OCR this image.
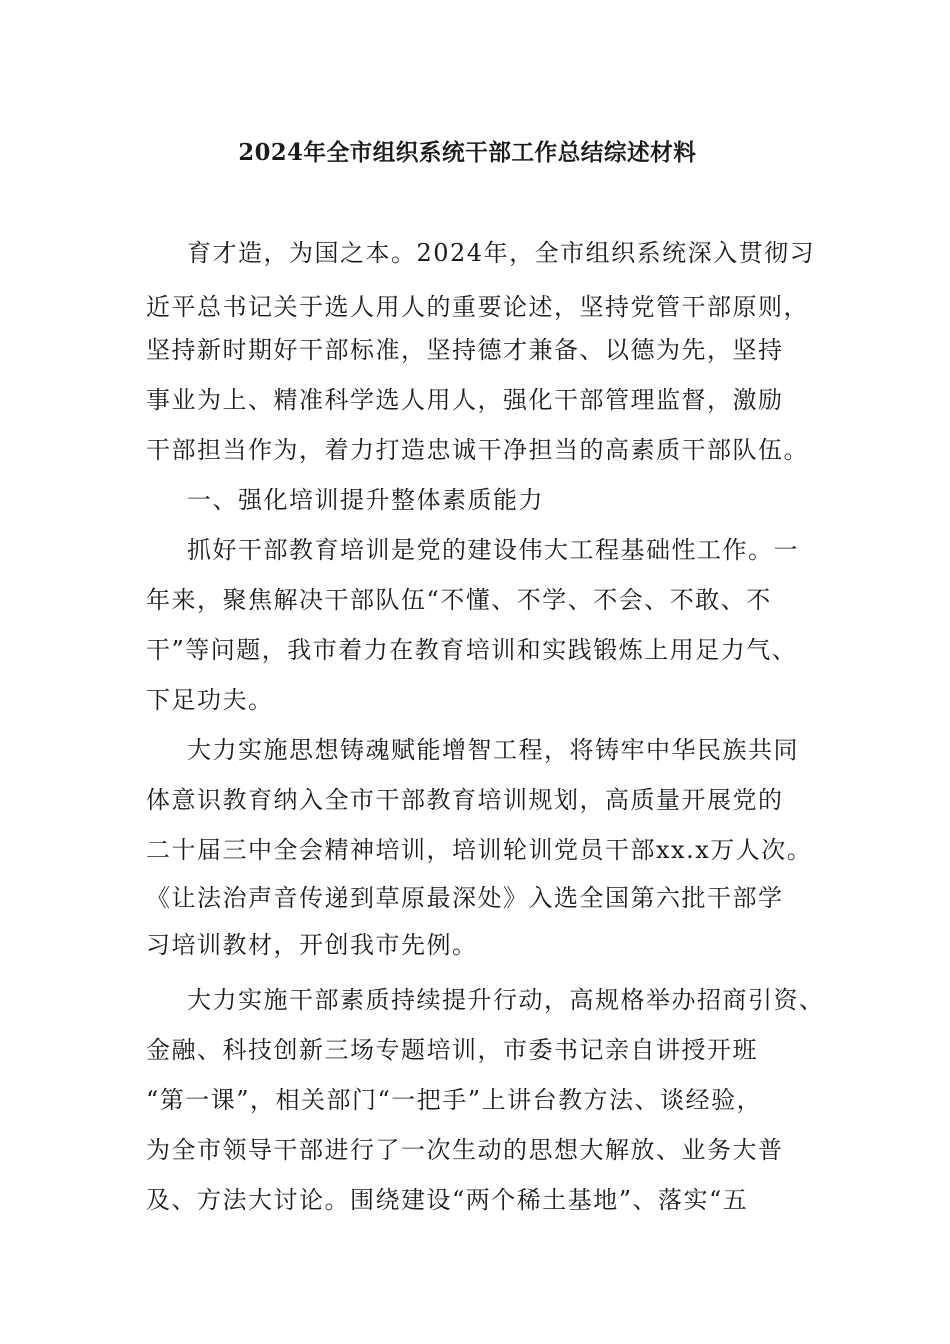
2024年全市组织系统干部工作总结综述材料
育才造，为国之本。2024年，全市组织系统深入贯彻习
近平总书记关于选人用人的重要论述，坚持党管干部原则，
坚持新时期好干部标准，坚持德才兼备、以德为先，坚持
事业为上、精准科学选人用人，强化干部管理监督，激励
干部担当作为，着力打造忠诚干净担当的高素质干部队伍。
一、强化培训提升整体素质能力
抓好干部教育培训是党的建设伟大工程基础性工作。一
年来，聚焦解决干部队伍“不懂、不学、不会、不敢、不
干”等问题，我市着力在教育培训和实践锻炼上用足力气、
下足功夫。
大力实施思想铸魂赋能增智工程，将铸牢中华民族共同
体意识教育纳入全市干部教育培训规划，高质量开展党的
二十届三中全会精神培训，培训轮训党员干部xx.x万人次。
《让法治声音传递到草原最深处》入选全国第六批干部学
习培训教材，开创我市先例。
大力实施干部素质持续提升行动，高规格举办招商引资、
金融、科技创新三场专题培训，市委书记亲自讲授开班
“第一课”，相关部门“一把手”上讲台教方法、谈经验，
为全市领导干部进行了一次生动的思想大解放、业务大普
及、方法大讨论。围绕建设“两个稀土基地”、落实“五
